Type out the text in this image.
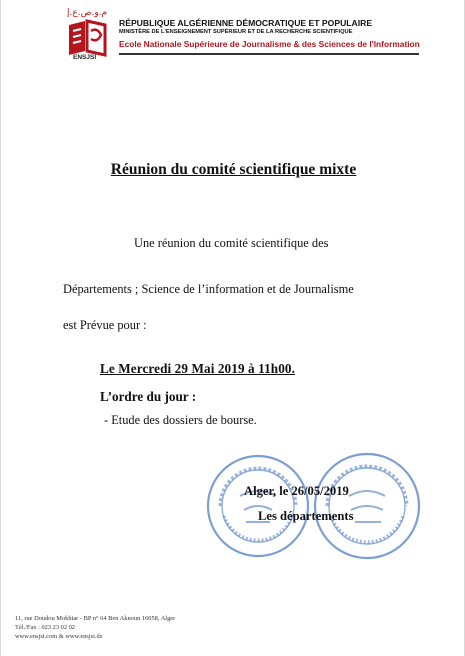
م.و.ص.ع.إ
ENSJSI
RÉPUBLIQUE ALGÉRIENNE DÉMOCRATIQUE ET POPULAIRE
MINISTÈRE DE L'ENSEIGNEMENT SUPÉRIEUR ET DE LA RECHERCHE SCIENTIFIQUE
Ecole Nationale Supérieure de Journalisme & des Sciences de l'Information
Réunion du comité scientifique mixte
Une réunion du comité scientifique des
Départements ; Science de l’information et de Journalisme
est Prévue pour :
Le Mercredi 29 Mai 2019 à 11h00.
L’ordre du jour :
- Etude des dossiers de bourse.
Alger, le 26/05/2019
Les départements
11, rue Doudou Mokhtar - BP n° 64 Ben Aknoun 16058, Alger
Tél./Fax : 023 23 02 02
www.ensjsi.com & www.ensjsi.dz
